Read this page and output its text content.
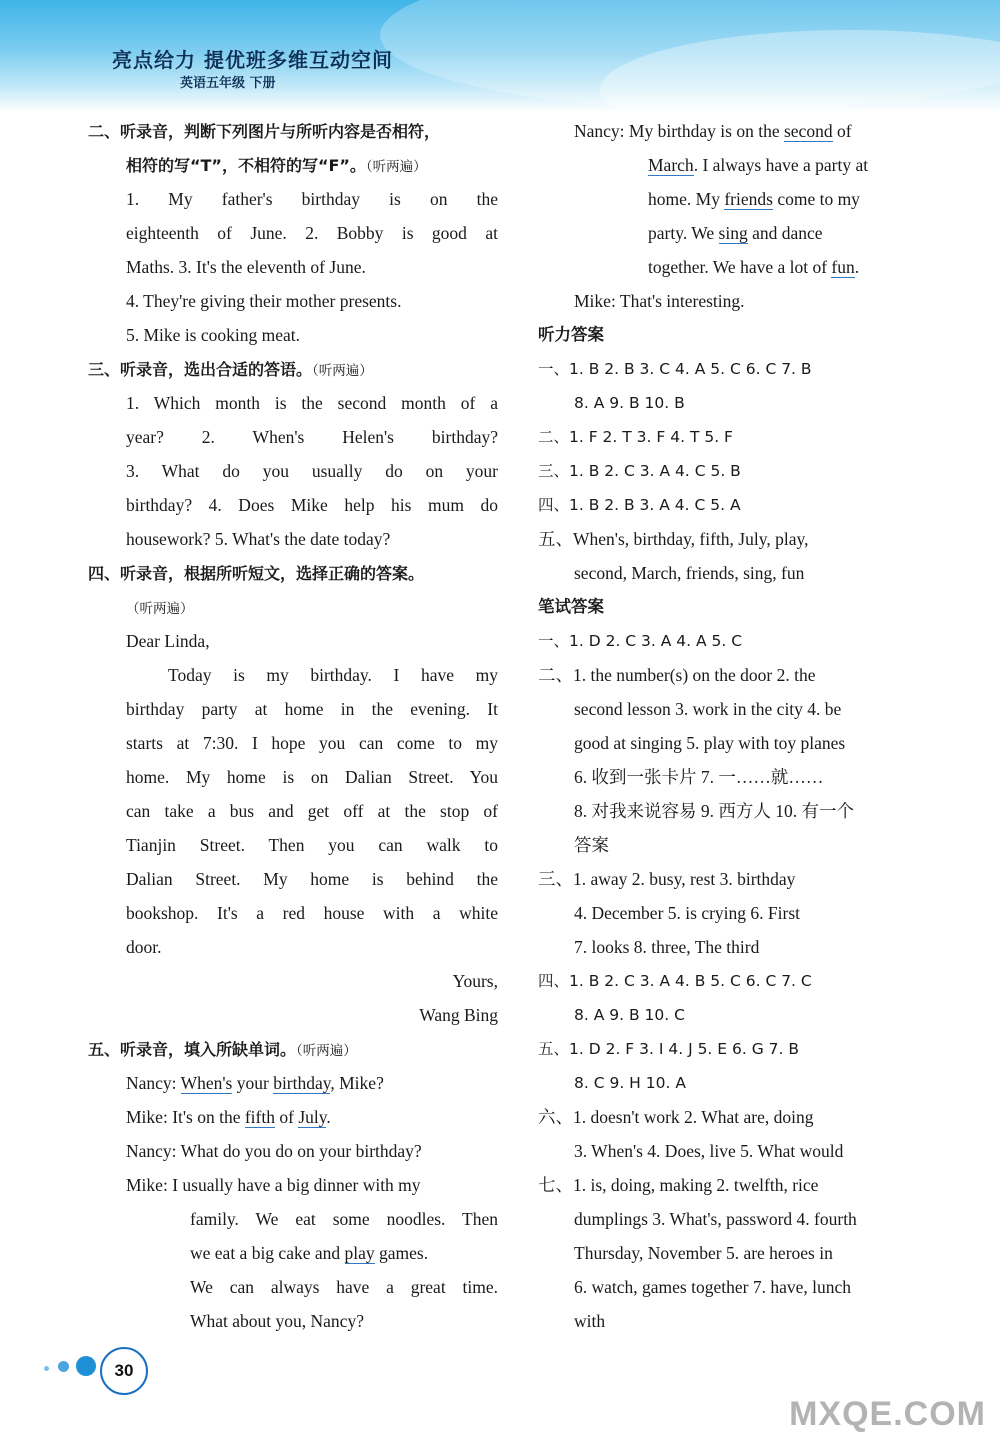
亮点给力 提优班多维互动空间
英语五年级 下册
二、听录音，判断下列图片与所听内容是否相符，
相符的写“T”，不相符的写“F”。（听两遍）
1. My father's birthday is on the
eighteenth of June. 2. Bobby is good at
Maths. 3. It's the eleventh of June.
4. They're giving their mother presents.
5. Mike is cooking meat.
三、听录音，选出合适的答语。（听两遍）
1. Which month is the second month of a
year? 2. When's Helen's birthday?
3. What do you usually do on your
birthday? 4. Does Mike help his mum do
housework? 5. What's the date today?
四、听录音，根据所听短文，选择正确的答案。
（听两遍）
Dear Linda,
Today is my birthday. I have my
birthday party at home in the evening. It
starts at 7:30. I hope you can come to my
home. My home is on Dalian Street. You
can take a bus and get off at the stop of
Tianjin Street. Then you can walk to
Dalian Street. My home is behind the
bookshop. It's a red house with a white
door.
Yours,
Wang Bing
五、听录音，填入所缺单词。（听两遍）
Nancy: When's your birthday, Mike?
Mike: It's on the fifth of July.
Nancy: What do you do on your birthday?
Mike: I usually have a big dinner with my
family. We eat some noodles. Then
we eat a big cake and play games.
We can always have a great time.
What about you, Nancy?
Nancy: My birthday is on the second of
March. I always have a party at
home. My friends come to my
party. We sing and dance
together. We have a lot of fun.
Mike: That's interesting.
听力答案
一、1. B 2. B 3. C 4. A 5. C 6. C 7. B
8. A 9. B 10. B
二、1. F 2. T 3. F 4. T 5. F
三、1. B 2. C 3. A 4. C 5. B
四、1. B 2. B 3. A 4. C 5. A
五、When's, birthday, fifth, July, play,
second, March, friends, sing, fun
笔试答案
一、1. D 2. C 3. A 4. A 5. C
二、1. the number(s) on the door 2. the
second lesson 3. work in the city 4. be
good at singing 5. play with toy planes
6. 收到一张卡片 7. 一……就……
8. 对我来说容易 9. 西方人 10. 有一个
答案
三、1. away 2. busy, rest 3. birthday
4. December 5. is crying 6. First
7. looks 8. three, The third
四、1. B 2. C 3. A 4. B 5. C 6. C 7. C
8. A 9. B 10. C
五、1. D 2. F 3. I 4. J 5. E 6. G 7. B
8. C 9. H 10. A
六、1. doesn't work 2. What are, doing
3. When's 4. Does, live 5. What would
七、1. is, doing, making 2. twelfth, rice
dumplings 3. What's, password 4. fourth
Thursday, November 5. are heroes in
6. watch, games together 7. have, lunch
with
30
MXQE.COM
